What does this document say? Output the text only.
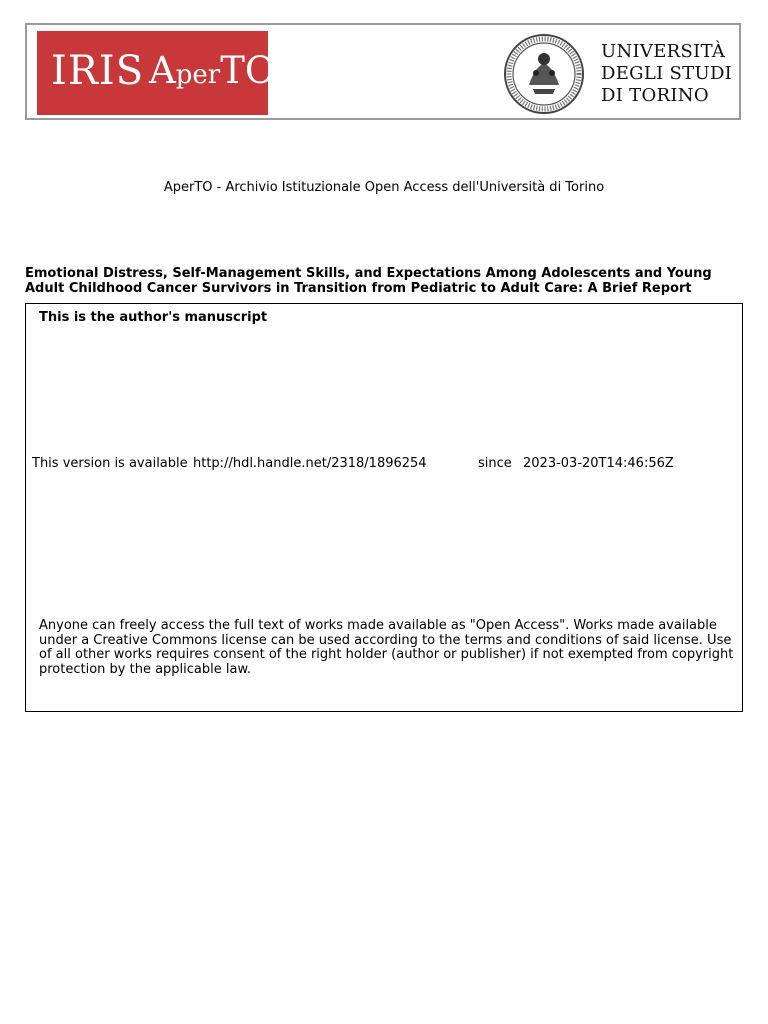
IRIS AperTO	UNIVERSITÀ
DEGLI STUDI
DI TORINO
AperTO - Archivio Istituzionale Open Access dell'Università di Torino
Emotional Distress, Self-Management Skills, and Expectations Among Adolescents and Young
Adult Childhood Cancer Survivors in Transition from Pediatric to Adult Care: A Brief Report
This is the author's manuscript
This version is available http://hdl.handle.net/2318/1896254	since 2023-03-20T14:46:56Z
Anyone can freely access the full text of works made available as "Open Access". Works made available
under a Creative Commons license can be used according to the terms and conditions of said license. Use
of all other works requires consent of the right holder (author or publisher) if not exempted from copyright
protection by the applicable law.
